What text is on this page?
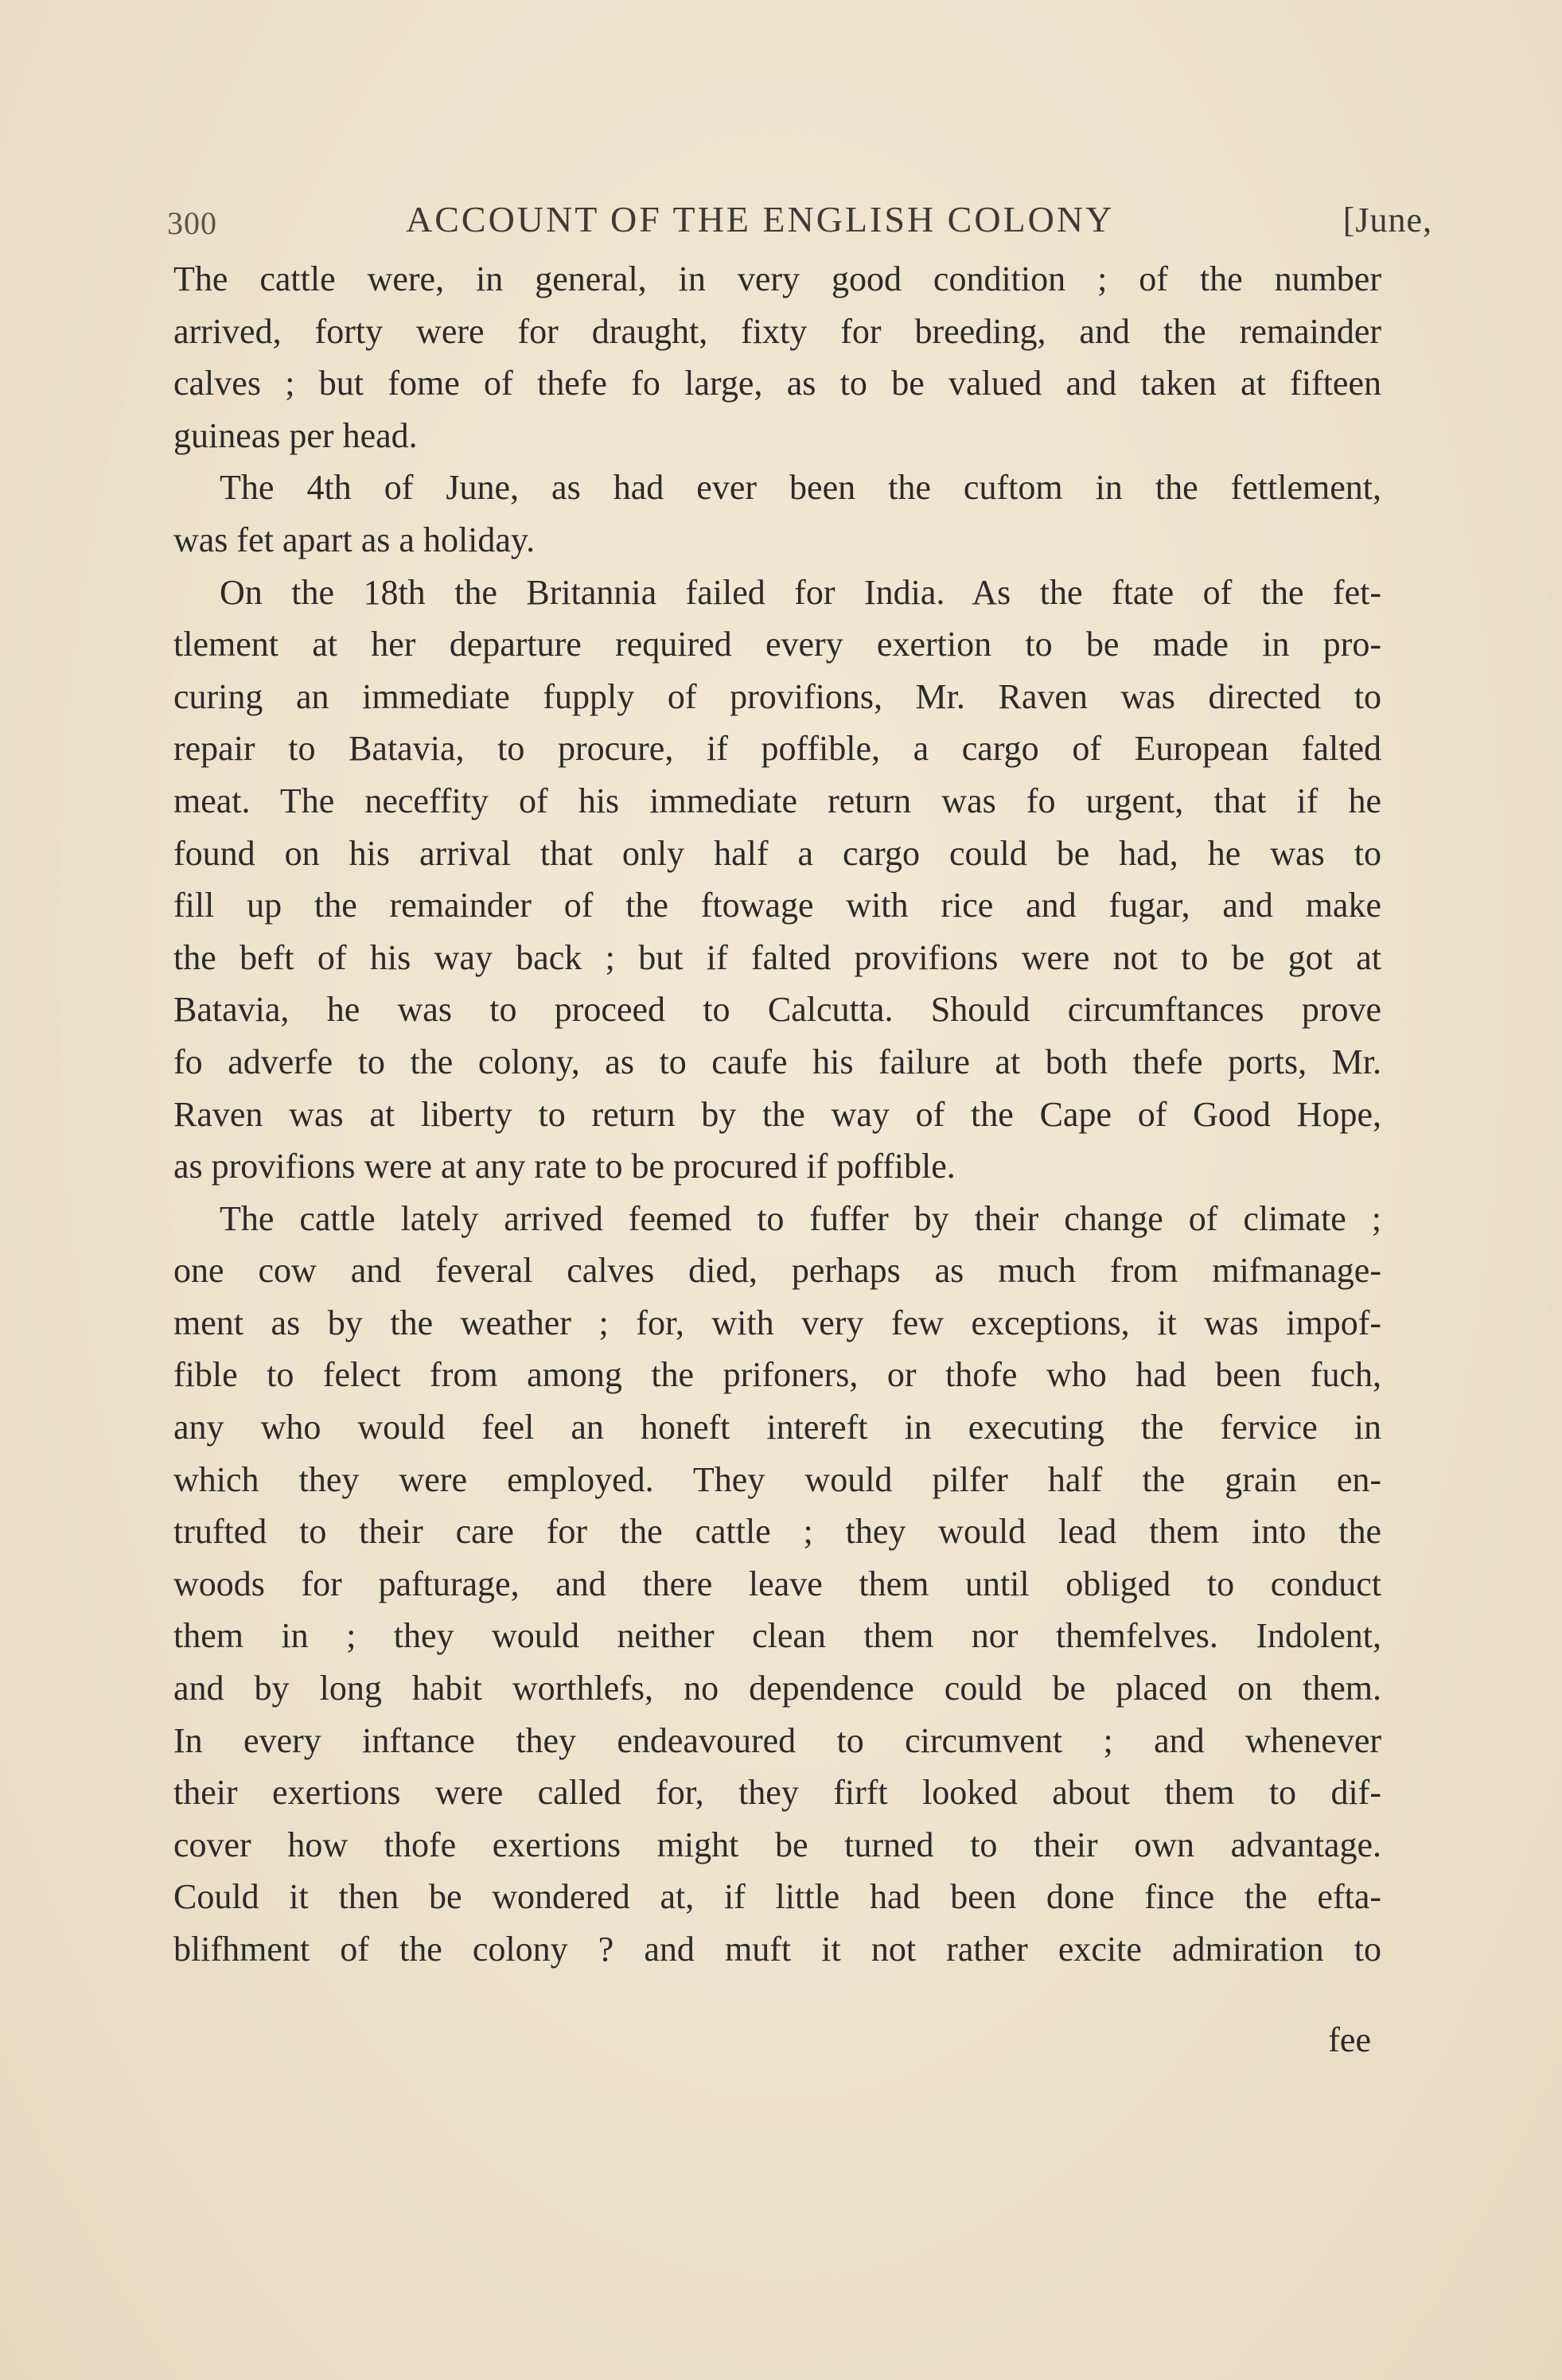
300	ACCOUNT OF THE ENGLISH COLONY	[June,
The cattle were, in general, in very good condition ; of the number
arrived, forty were for draught, fixty for breeding, and the remainder
calves ; but fome of thefe fo large, as to be valued and taken at fifteen
guineas per head.
The 4th of June, as had ever been the cuftom in the fettlement,
was fet apart as a holiday.
On the 18th the Britannia failed for India. As the ftate of the fet-
tlement at her departure required every exertion to be made in pro-
curing an immediate fupply of provifions, Mr. Raven was directed to
repair to Batavia, to procure, if poffible, a cargo of European falted
meat. The neceffity of his immediate return was fo urgent, that if he
found on his arrival that only half a cargo could be had, he was to
fill up the remainder of the ftowage with rice and fugar, and make
the beft of his way back ; but if falted provifions were not to be got at
Batavia, he was to proceed to Calcutta. Should circumftances prove
fo adverfe to the colony, as to caufe his failure at both thefe ports, Mr.
Raven was at liberty to return by the way of the Cape of Good Hope,
as provifions were at any rate to be procured if poffible.
The cattle lately arrived feemed to fuffer by their change of climate ;
one cow and feveral calves died, perhaps as much from mifmanage-
ment as by the weather ; for, with very few exceptions, it was impof-
fible to felect from among the prifoners, or thofe who had been fuch,
any who would feel an honeft intereft in executing the fervice in
which they were employed. They would pilfer half the grain en-
trufted to their care for the cattle ; they would lead them into the
woods for pafturage, and there leave them until obliged to conduct
them in ; they would neither clean them nor themfelves. Indolent,
and by long habit worthlefs, no dependence could be placed on them.
In every inftance they endeavoured to circumvent ; and whenever
their exertions were called for, they firft looked about them to dif-
cover how thofe exertions might be turned to their own advantage.
Could it then be wondered at, if little had been done fince the efta-
blifhment of the colony ? and muft it not rather excite admiration to
fee
